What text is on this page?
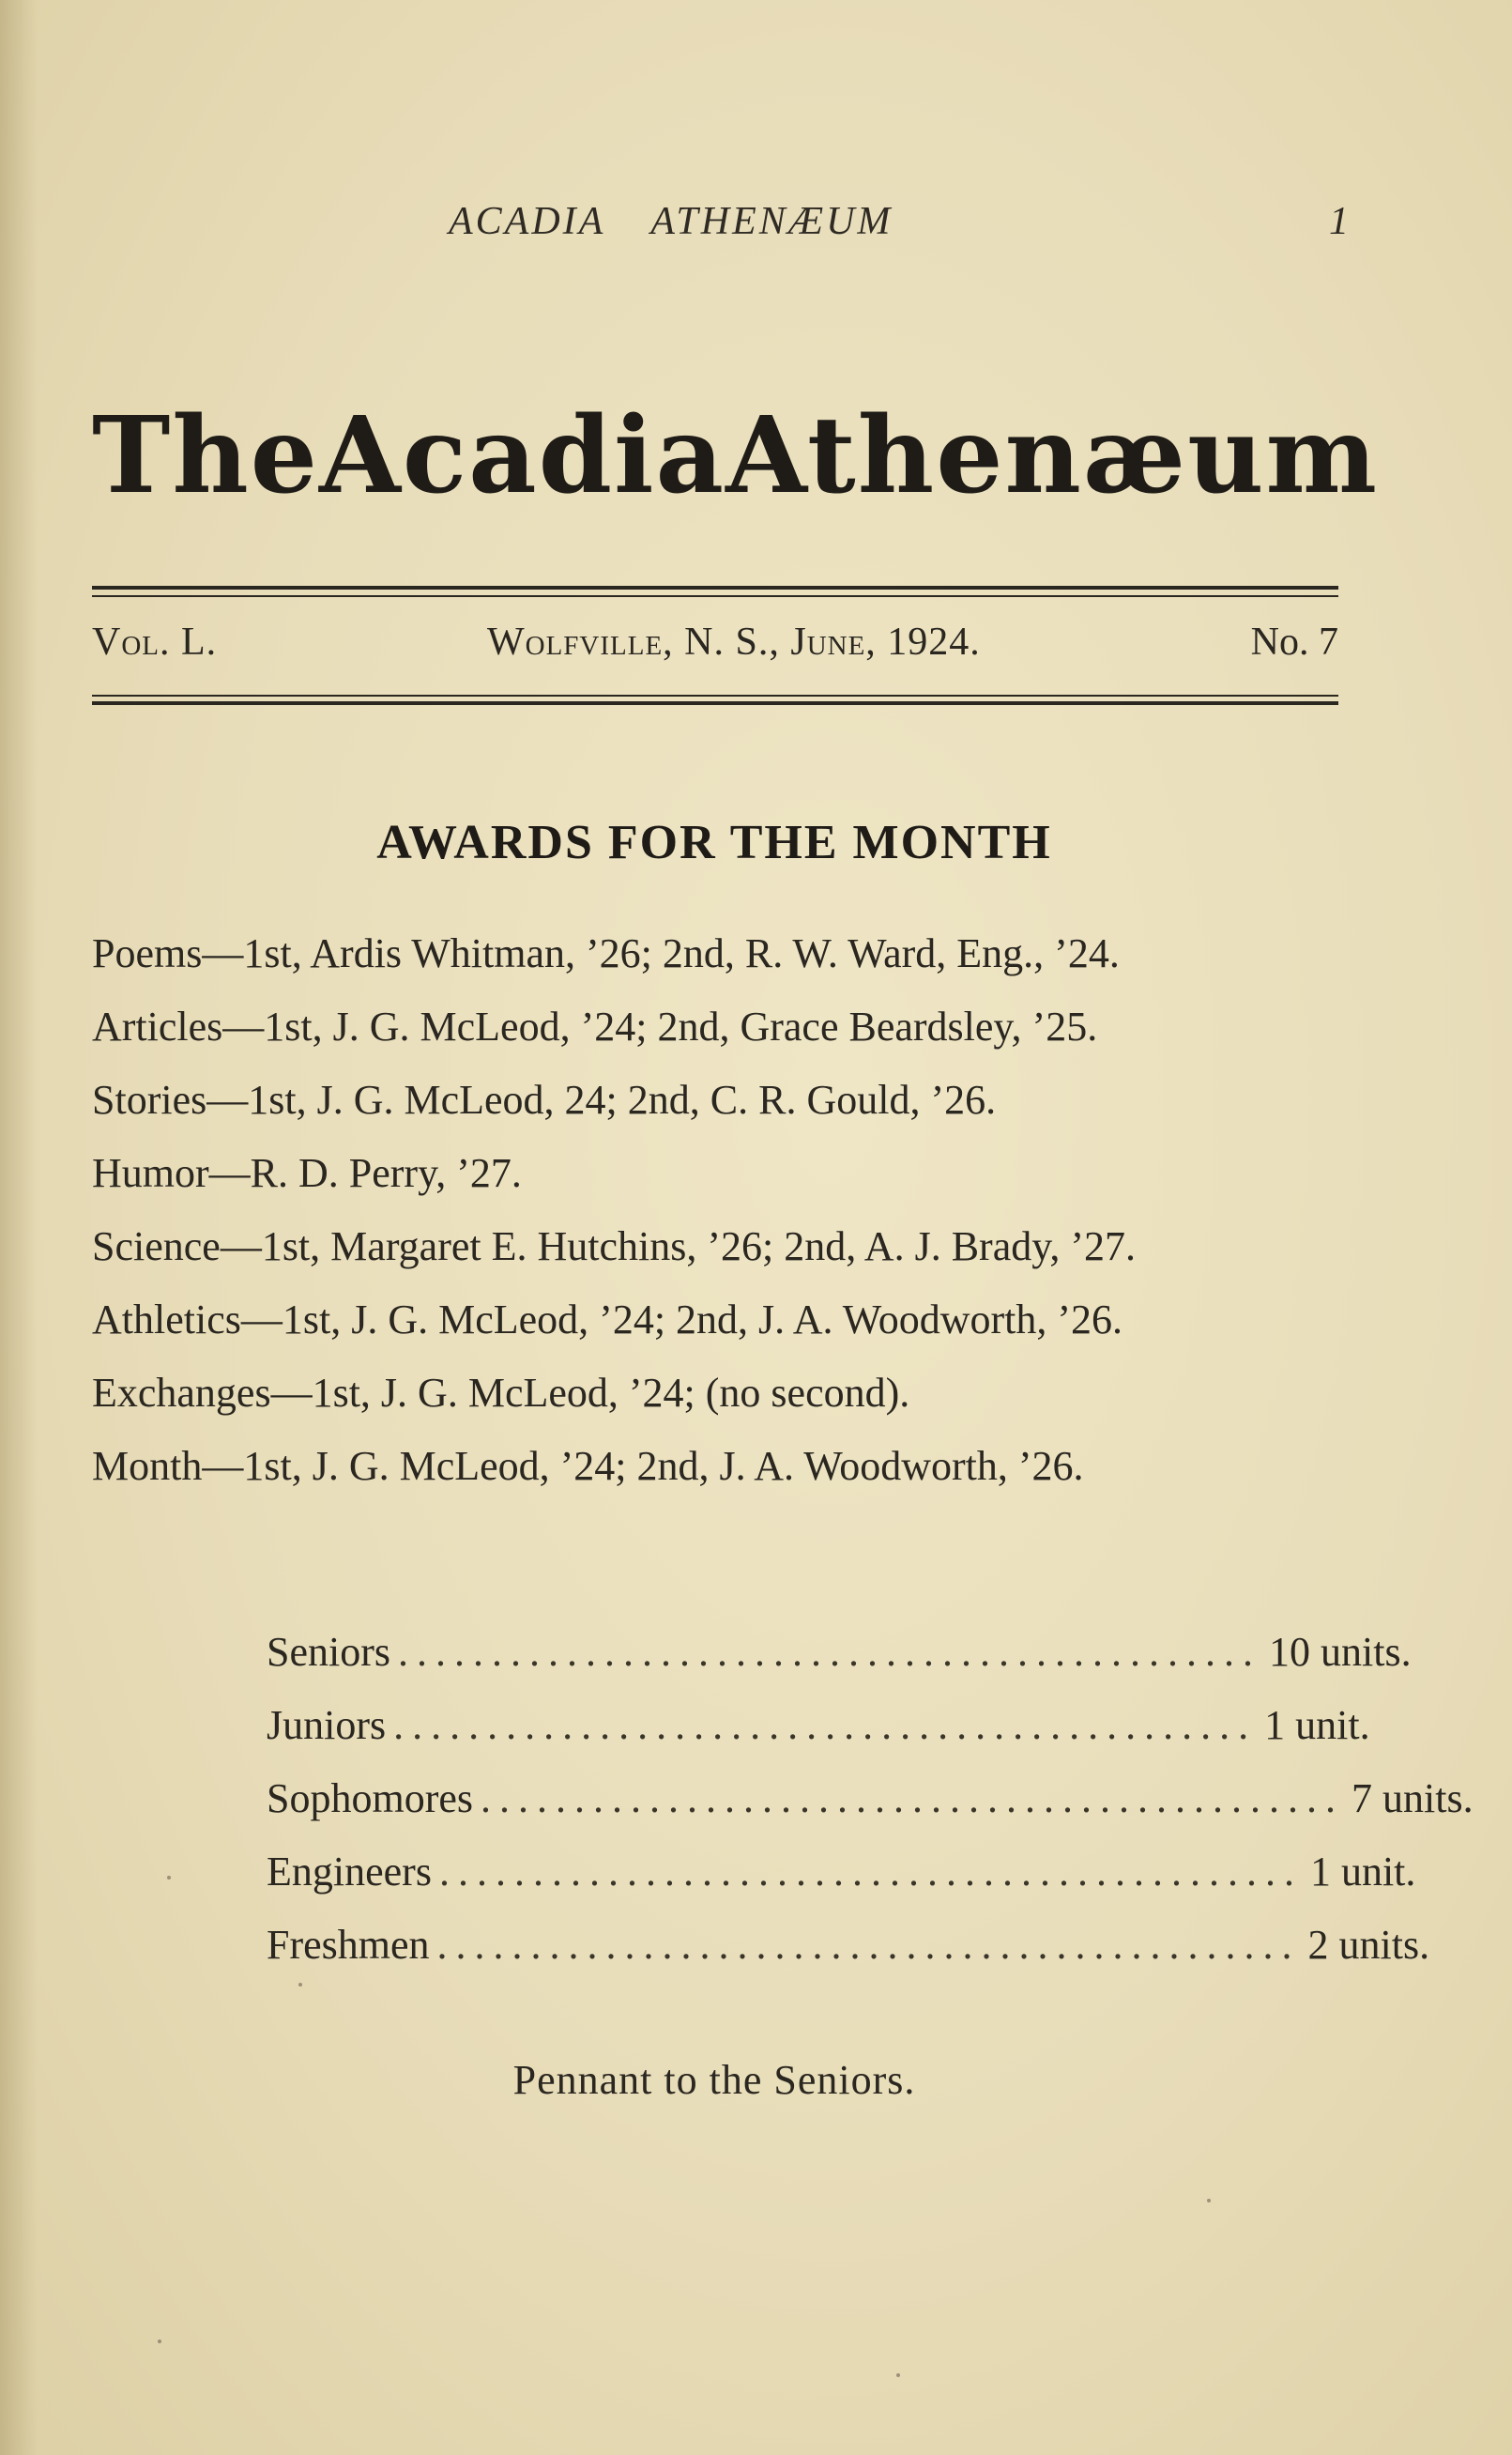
ACADIA ATHENÆUM	1
The Acadia Athenæum
Vol. L.	Wolfville, N. S., June, 1924.	No. 7
AWARDS FOR THE MONTH
Poems—1st, Ardis Whitman, ’26; 2nd, R. W. Ward, Eng., ’24.
Articles—1st, J. G. McLeod, ’24; 2nd, Grace Beardsley, ’25.
Stories—1st, J. G. McLeod, 24; 2nd, C. R. Gould, ’26.
Humor—R. D. Perry, ’27.
Science—1st, Margaret E. Hutchins, ’26; 2nd, A. J. Brady, ’27.
Athletics—1st, J. G. McLeod, ’24; 2nd, J. A. Woodworth, ’26.
Exchanges—1st, J. G. McLeod, ’24; (no second).
Month—1st, J. G. McLeod, ’24; 2nd, J. A. Woodworth, ’26.
Seniors .............................................. 10 units.
Juniors .............................................. 1 unit.
Sophomores .............................................. 7 units.
Engineers .............................................. 1 unit.
Freshmen .............................................. 2 units.
Pennant to the Seniors.
